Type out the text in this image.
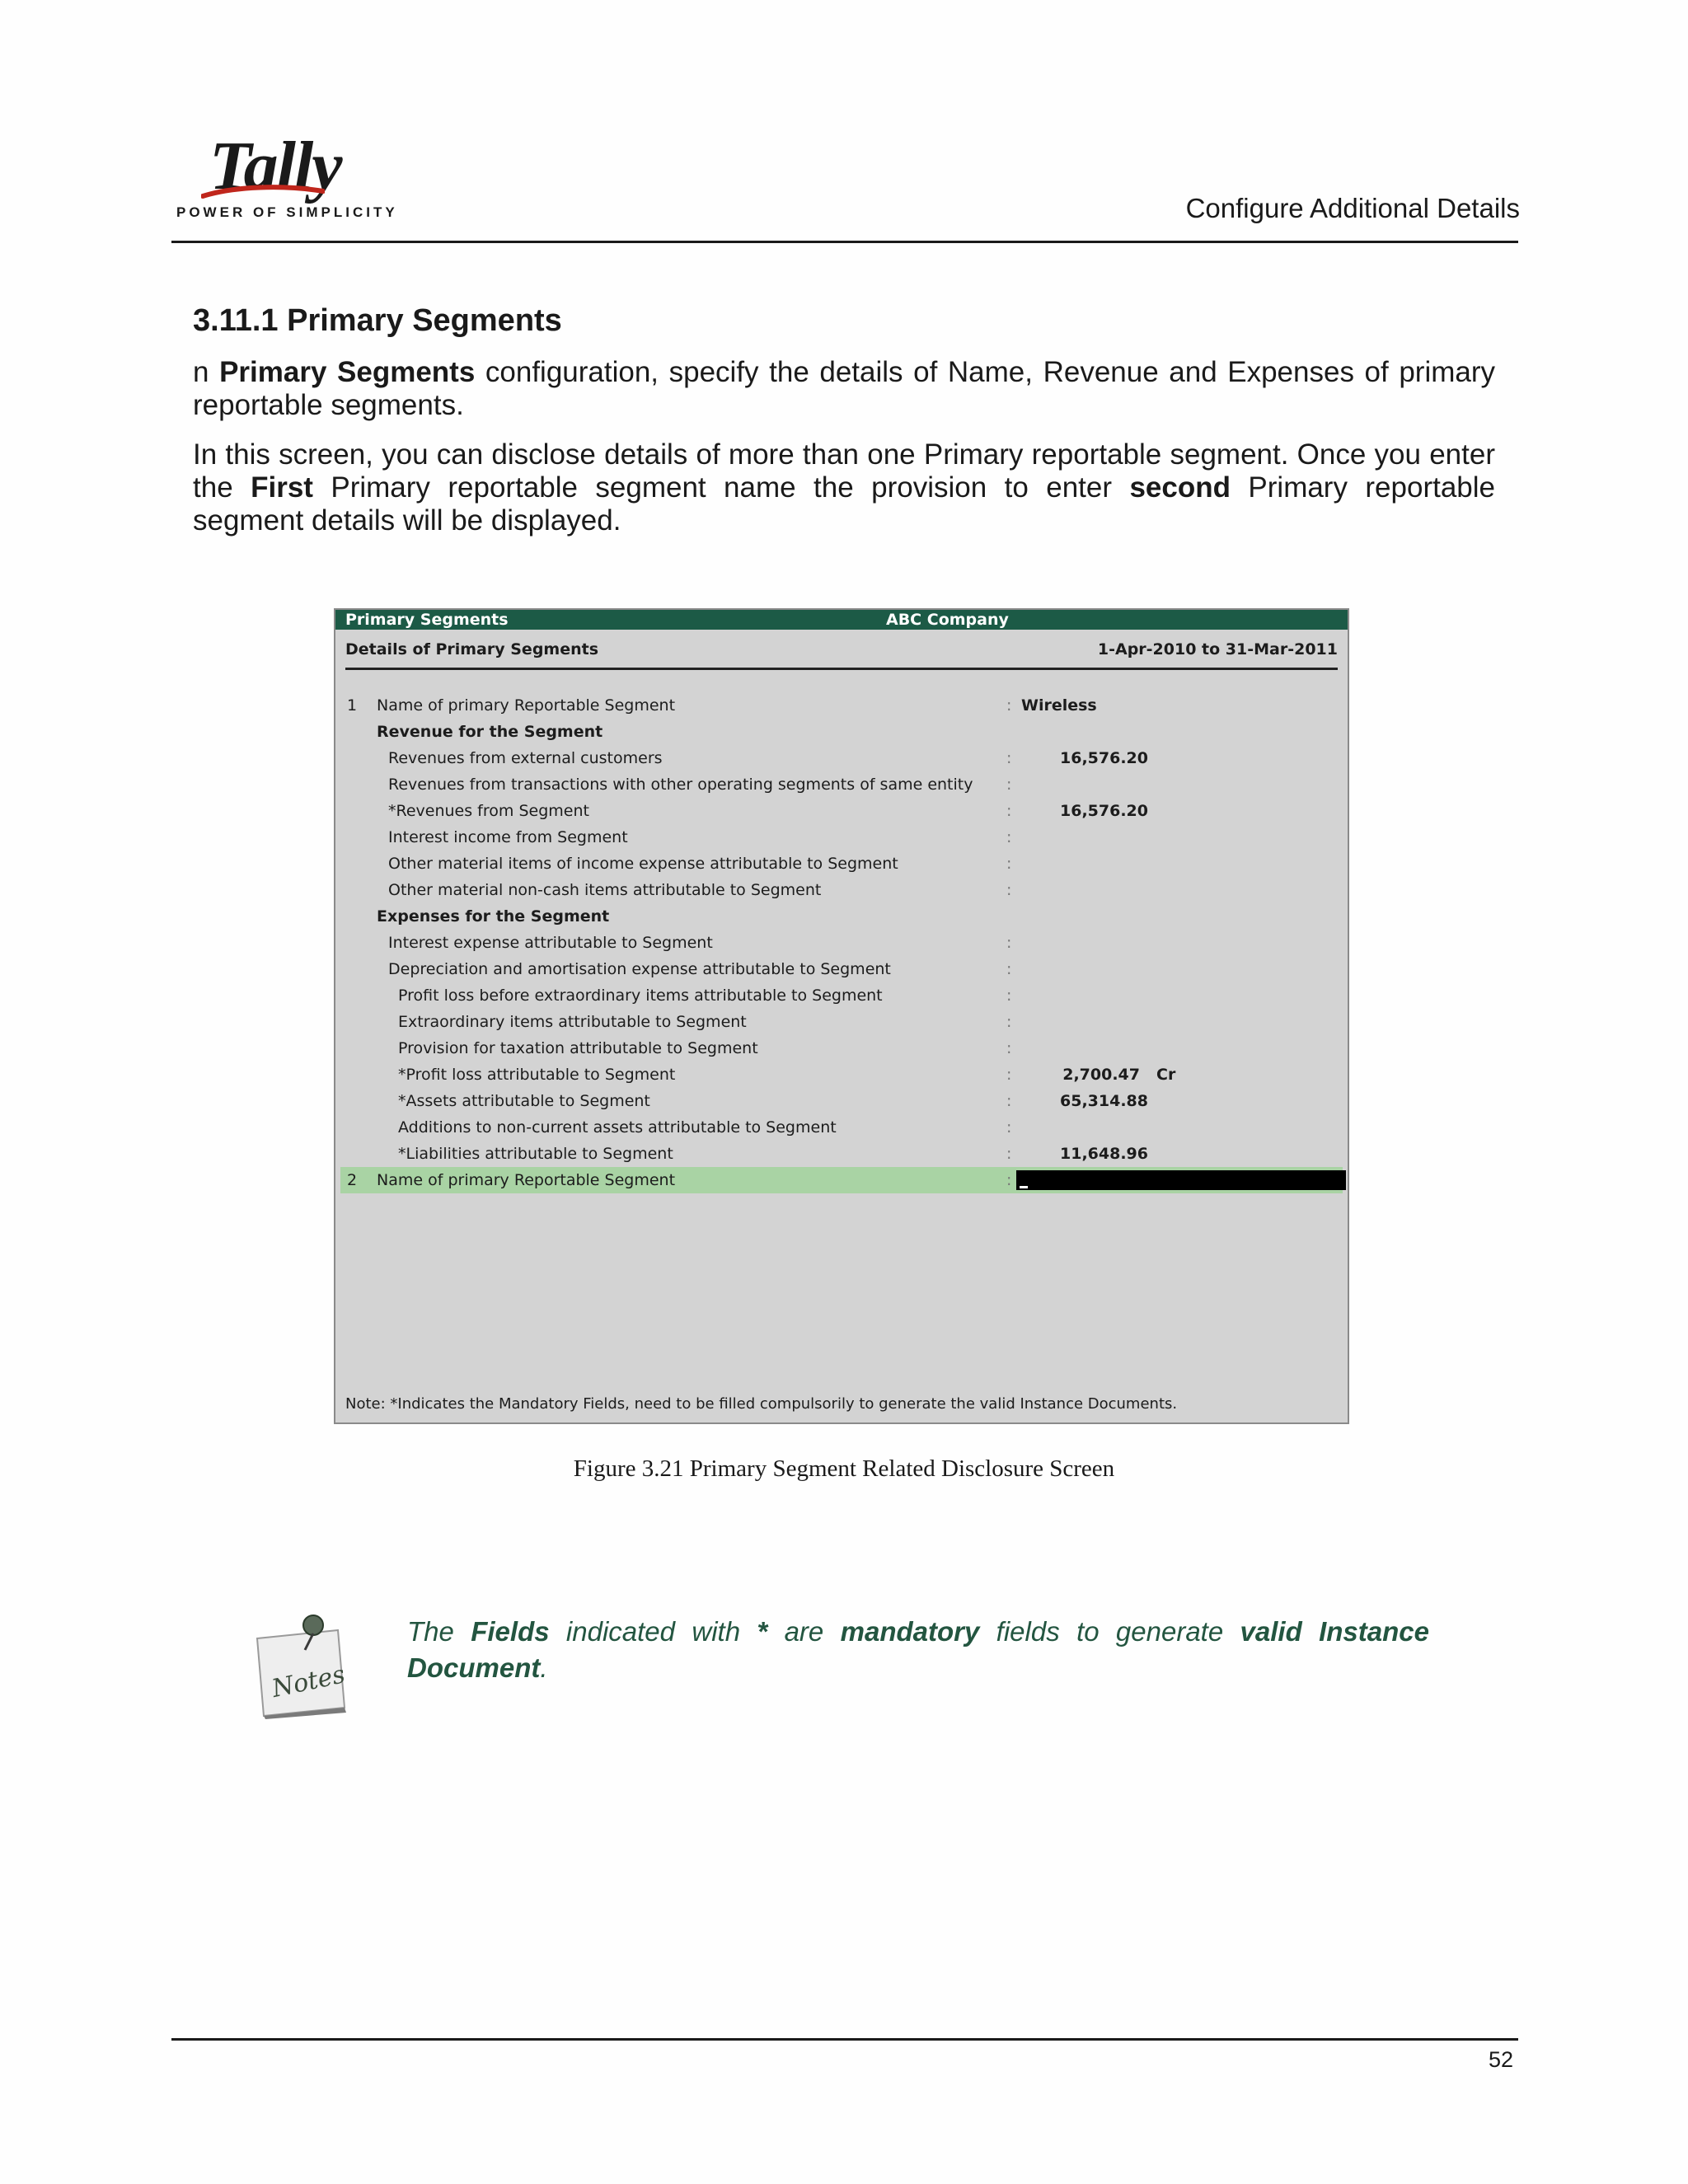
Tally
POWER OF SIMPLICITY	Configure Additional Details
3.11.1 Primary Segments
n Primary Segments configuration, specify the details of Name, Revenue and Expenses of primary reportable segments.
In this screen, you can disclose details of more than one Primary reportable segment. Once you enter the First Primary reportable segment name the provision to enter second Primary reportable segment details will be displayed.
Primary Segments	ABC Company
Details of Primary Segments	1-Apr-2010 to 31-Mar-2011
1 Name of primary Reportable Segment	: Wireless
Revenue for the Segment
Revenues from external customers	:	16,576.20
Revenues from transactions with other operating segments of same entity :
*Revenues from Segment	:	16,576.20
Interest income from Segment	:
Other material items of income expense attributable to Segment	:
Other material non-cash items attributable to Segment	:
Expenses for the Segment
Interest expense attributable to Segment	:
Depreciation and amortisation expense attributable to Segment	:
Profit loss before extraordinary items attributable to Segment	:
Extraordinary items attributable to Segment	:
Provision for taxation attributable to Segment	:
*Profit loss attributable to Segment	:	2,700.47 Cr
*Assets attributable to Segment	:	65,314.88
Additions to non-current assets attributable to Segment	:
*Liabilities attributable to Segment	:	11,648.96
2 Name of primary Reportable Segment	:
Note: *Indicates the Mandatory Fields, need to be filled compulsorily to generate the valid Instance Documents.
Figure 3.21 Primary Segment Related Disclosure Screen
Notes
The Fields indicated with * are mandatory fields to generate valid Instance Document.
52
